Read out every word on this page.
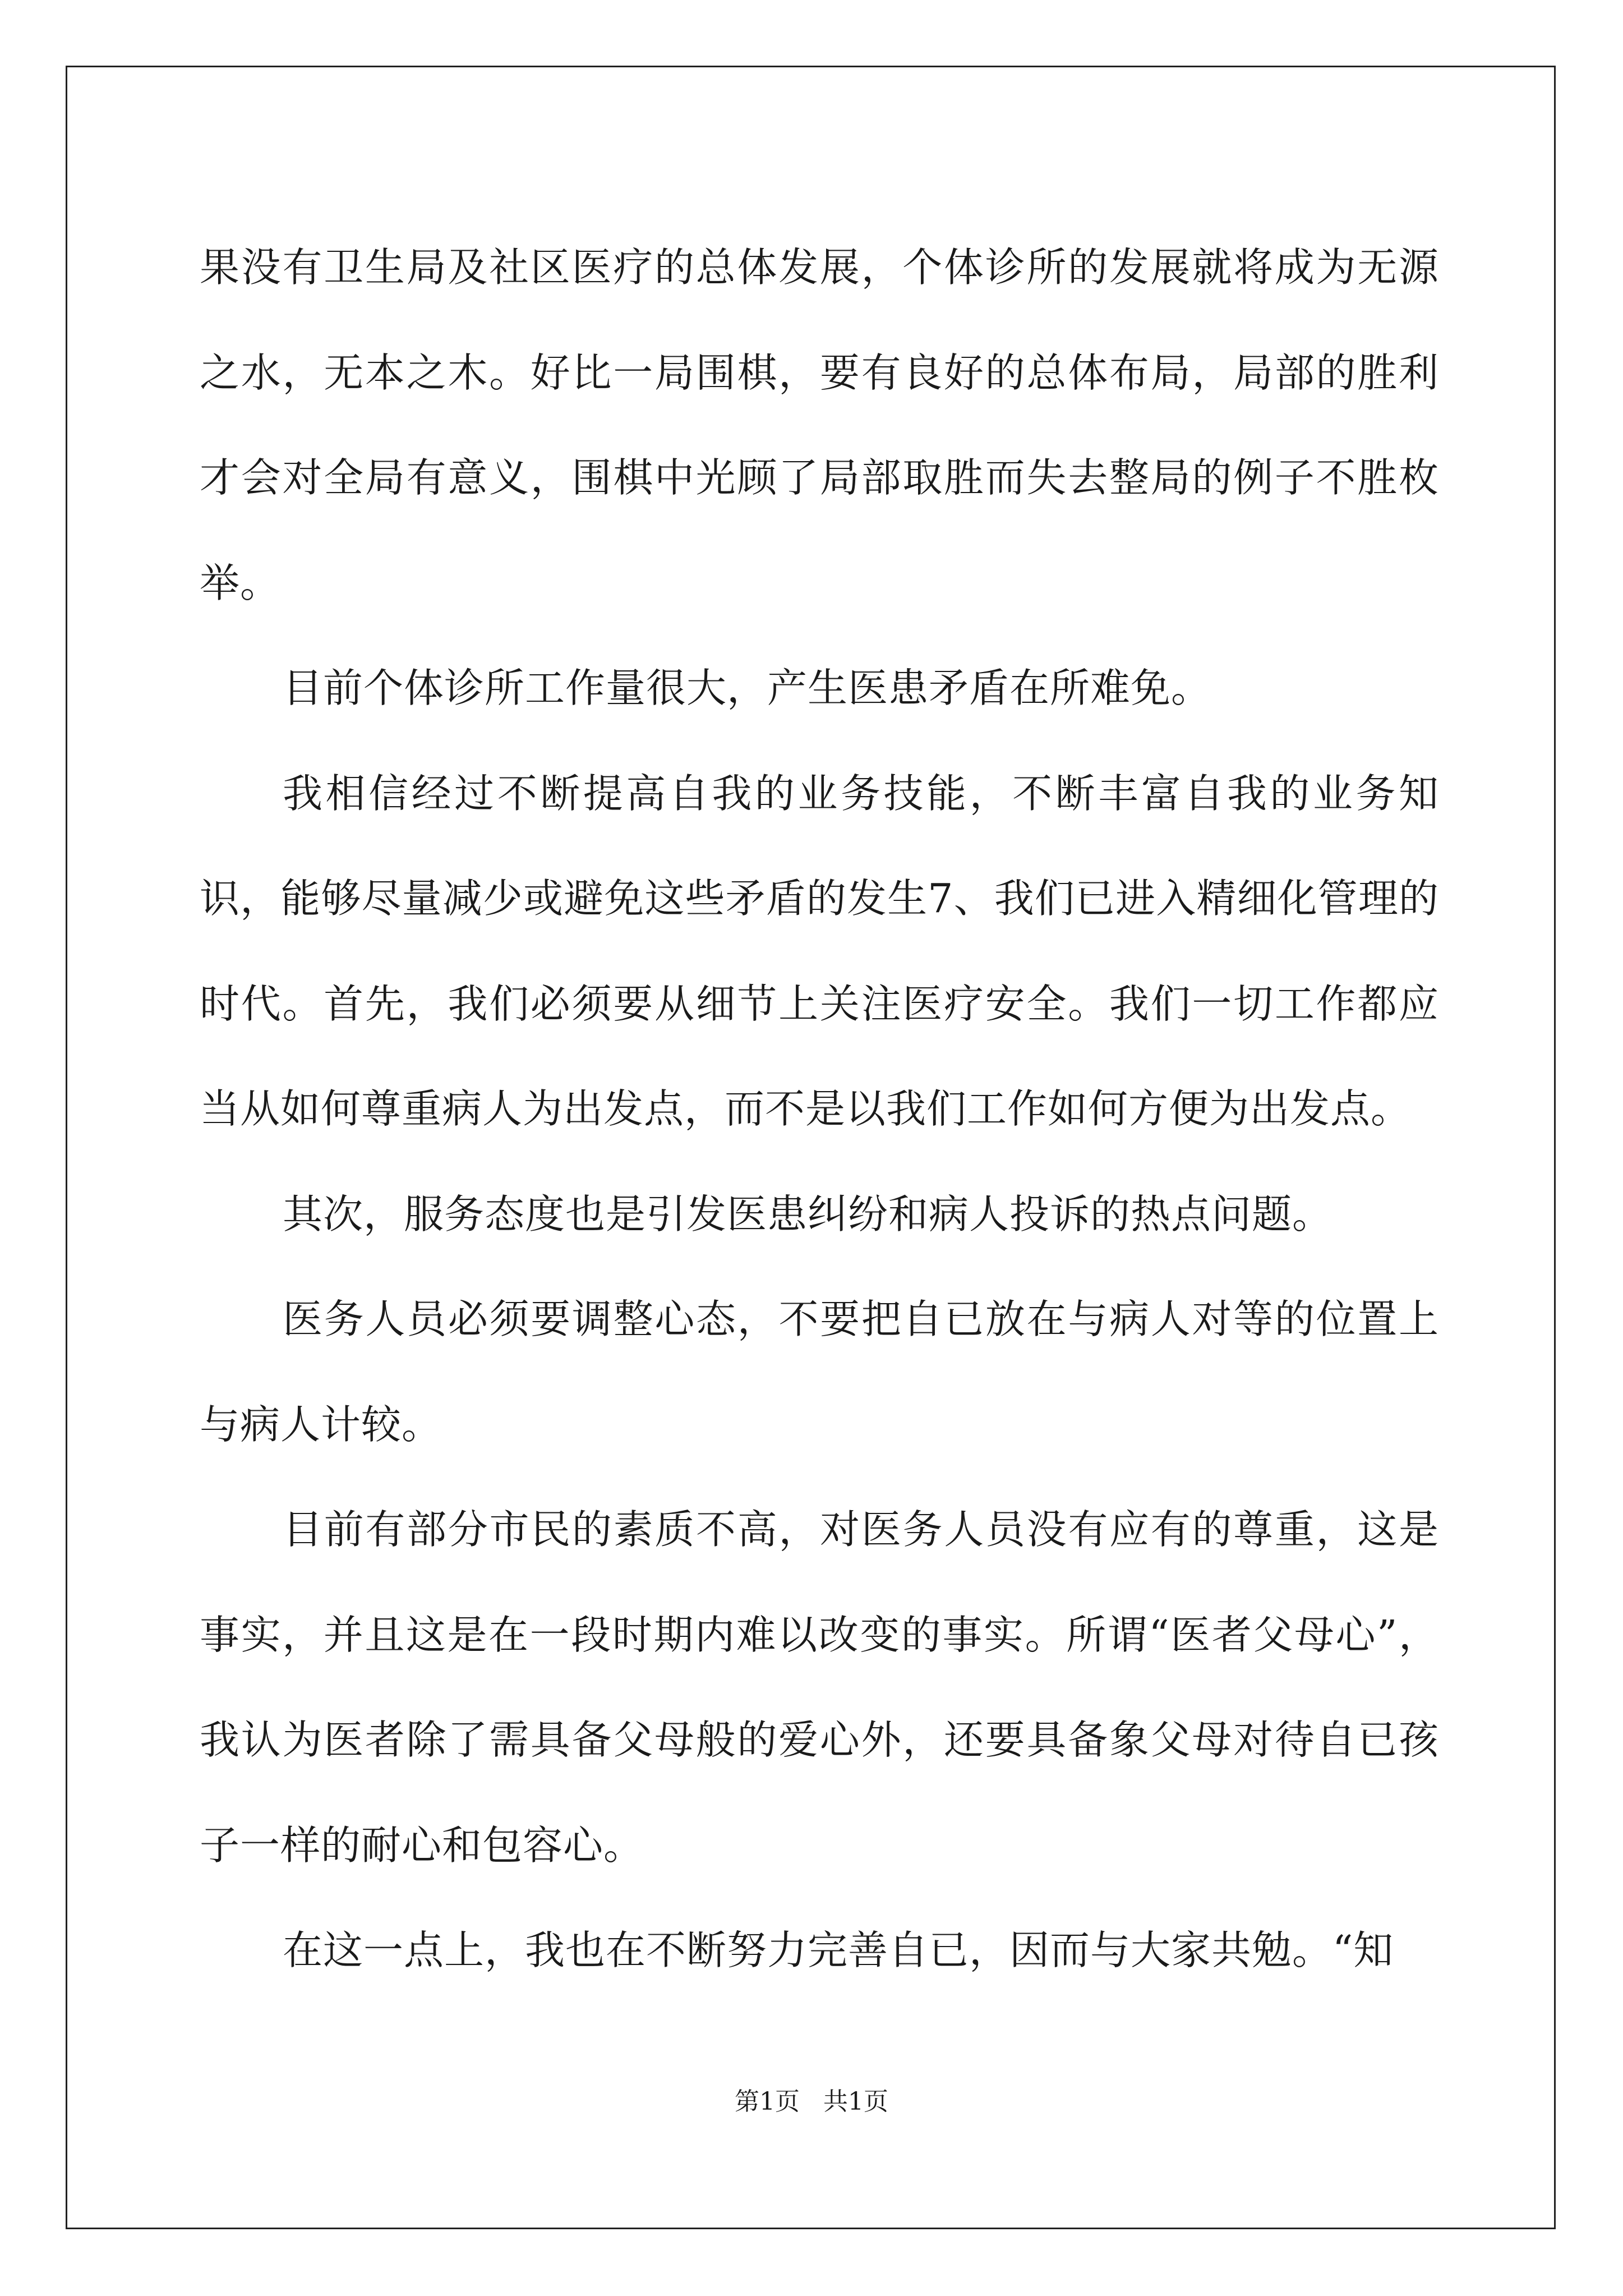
果没有卫生局及社区医疗的总体发展，个体诊所的发展就将成为无源之水，无本之木。好比一局围棋，要有良好的总体布局，局部的胜利才会对全局有意义，围棋中光顾了局部取胜而失去整局的例子不胜枚举。

目前个体诊所工作量很大，产生医患矛盾在所难免。

我相信经过不断提高自我的业务技能，不断丰富自我的业务知识，能够尽量减少或避免这些矛盾的发生7、我们已进入精细化管理的时代。首先，我们必须要从细节上关注医疗安全。我们一切工作都应当从如何尊重病人为出发点，而不是以我们工作如何方便为出发点。

其次，服务态度也是引发医患纠纷和病人投诉的热点问题。

医务人员必须要调整心态，不要把自已放在与病人对等的位置上与病人计较。

目前有部分市民的素质不高，对医务人员没有应有的尊重，这是事实，并且这是在一段时期内难以改变的事实。所谓“医者父母心”，我认为医者除了需具备父母般的爱心外，还要具备象父母对待自已孩子一样的耐心和包容心。

在这一点上，我也在不断努力完善自已，因而与大家共勉。“知

第1页   共1页
